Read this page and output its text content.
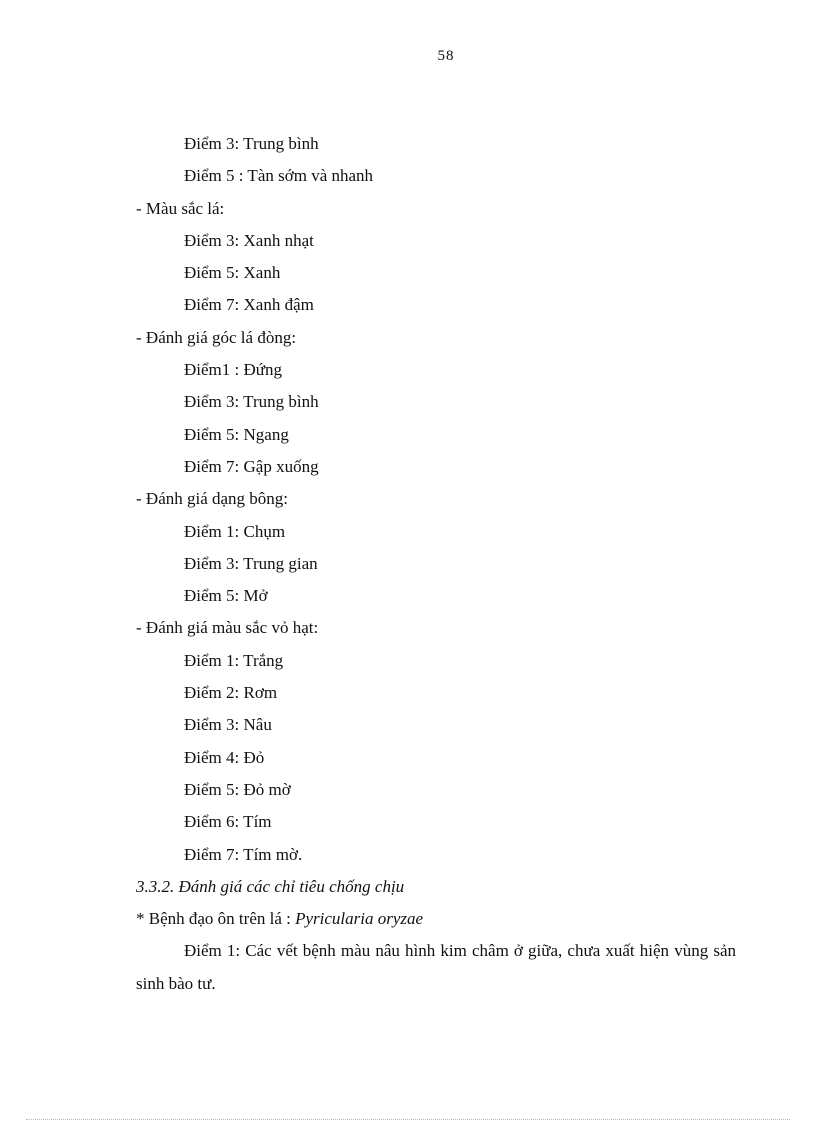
58
Điểm 3: Trung bình
Điểm 5 : Tàn sớm và nhanh
- Màu sắc lá:
Điểm 3: Xanh nhạt
Điểm 5: Xanh
Điểm 7: Xanh đậm
- Đánh giá góc lá đòng:
Điểm1 : Đứng
Điểm 3: Trung bình
Điểm 5: Ngang
Điểm 7: Gập xuống
- Đánh giá dạng bông:
Điểm 1: Chụm
Điểm 3: Trung gian
Điểm 5: Mở
- Đánh giá màu sắc vỏ hạt:
Điểm 1: Trắng
Điểm 2: Rơm
Điểm 3: Nâu
Điểm 4: Đỏ
Điểm 5: Đỏ mờ
Điểm 6: Tím
Điểm 7: Tím mờ.
3.3.2. Đánh giá các chỉ tiêu chống chịu
* Bệnh đạo ôn trên lá : Pyricularia oryzae

Điểm 1: Các vết bệnh màu nâu hình kim châm ở giữa, chưa xuất hiện vùng sản sinh bào tư.
